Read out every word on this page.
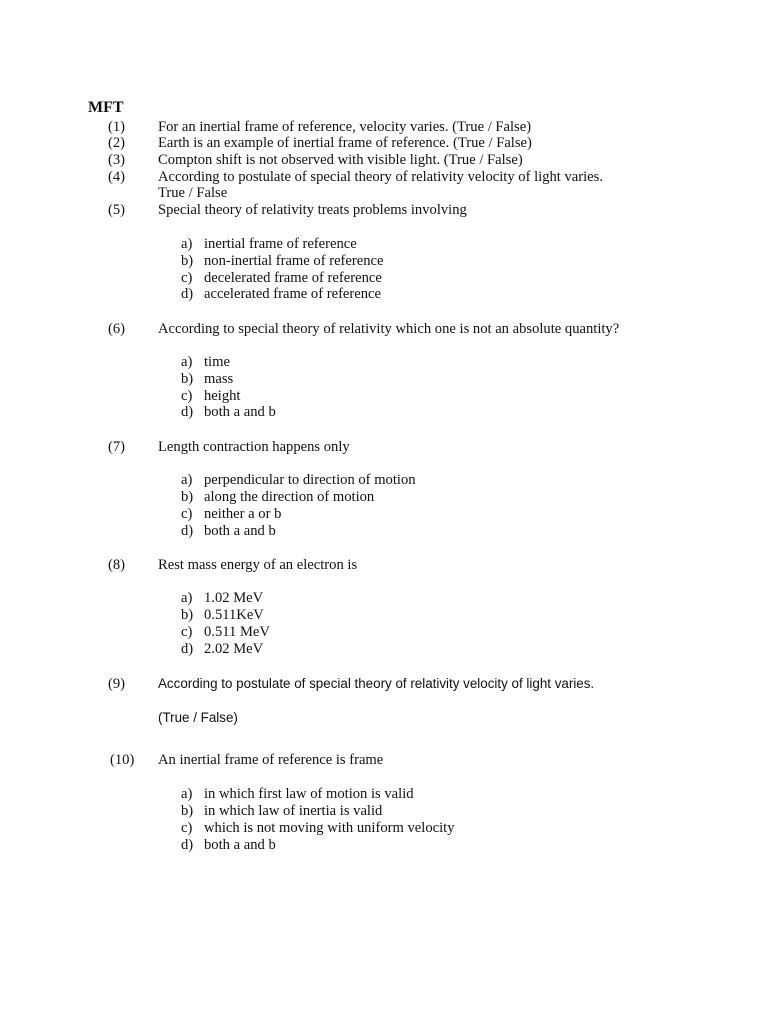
MFT
(1) For an inertial frame of reference, velocity varies. (True / False)
(2) Earth is an example of inertial frame of reference. (True / False)
(3) Compton shift is not observed with visible light. (True / False)
(4) According to postulate of special theory of relativity velocity of light varies.
True / False
(5) Special theory of relativity treats problems involving
a) inertial frame of reference
b) non-inertial frame of reference
c) decelerated frame of reference
d) accelerated frame of reference
(6) According to special theory of relativity which one is not an absolute quantity?
a) time
b) mass
c) height
d) both a and b
(7) Length contraction happens only
a) perpendicular to direction of motion
b) along the direction of motion
c) neither a or b
d) both a and b
(8) Rest mass energy of an electron is
a) 1.02 MeV
b) 0.511KeV
c) 0.511 MeV
d) 2.02 MeV
(9) According to postulate of special theory of relativity velocity of light varies.
(True / False)
(10) An inertial frame of reference is frame
a) in which first law of motion is valid
b) in which law of inertia is valid
c) which is not moving with uniform velocity
d) both a and b
